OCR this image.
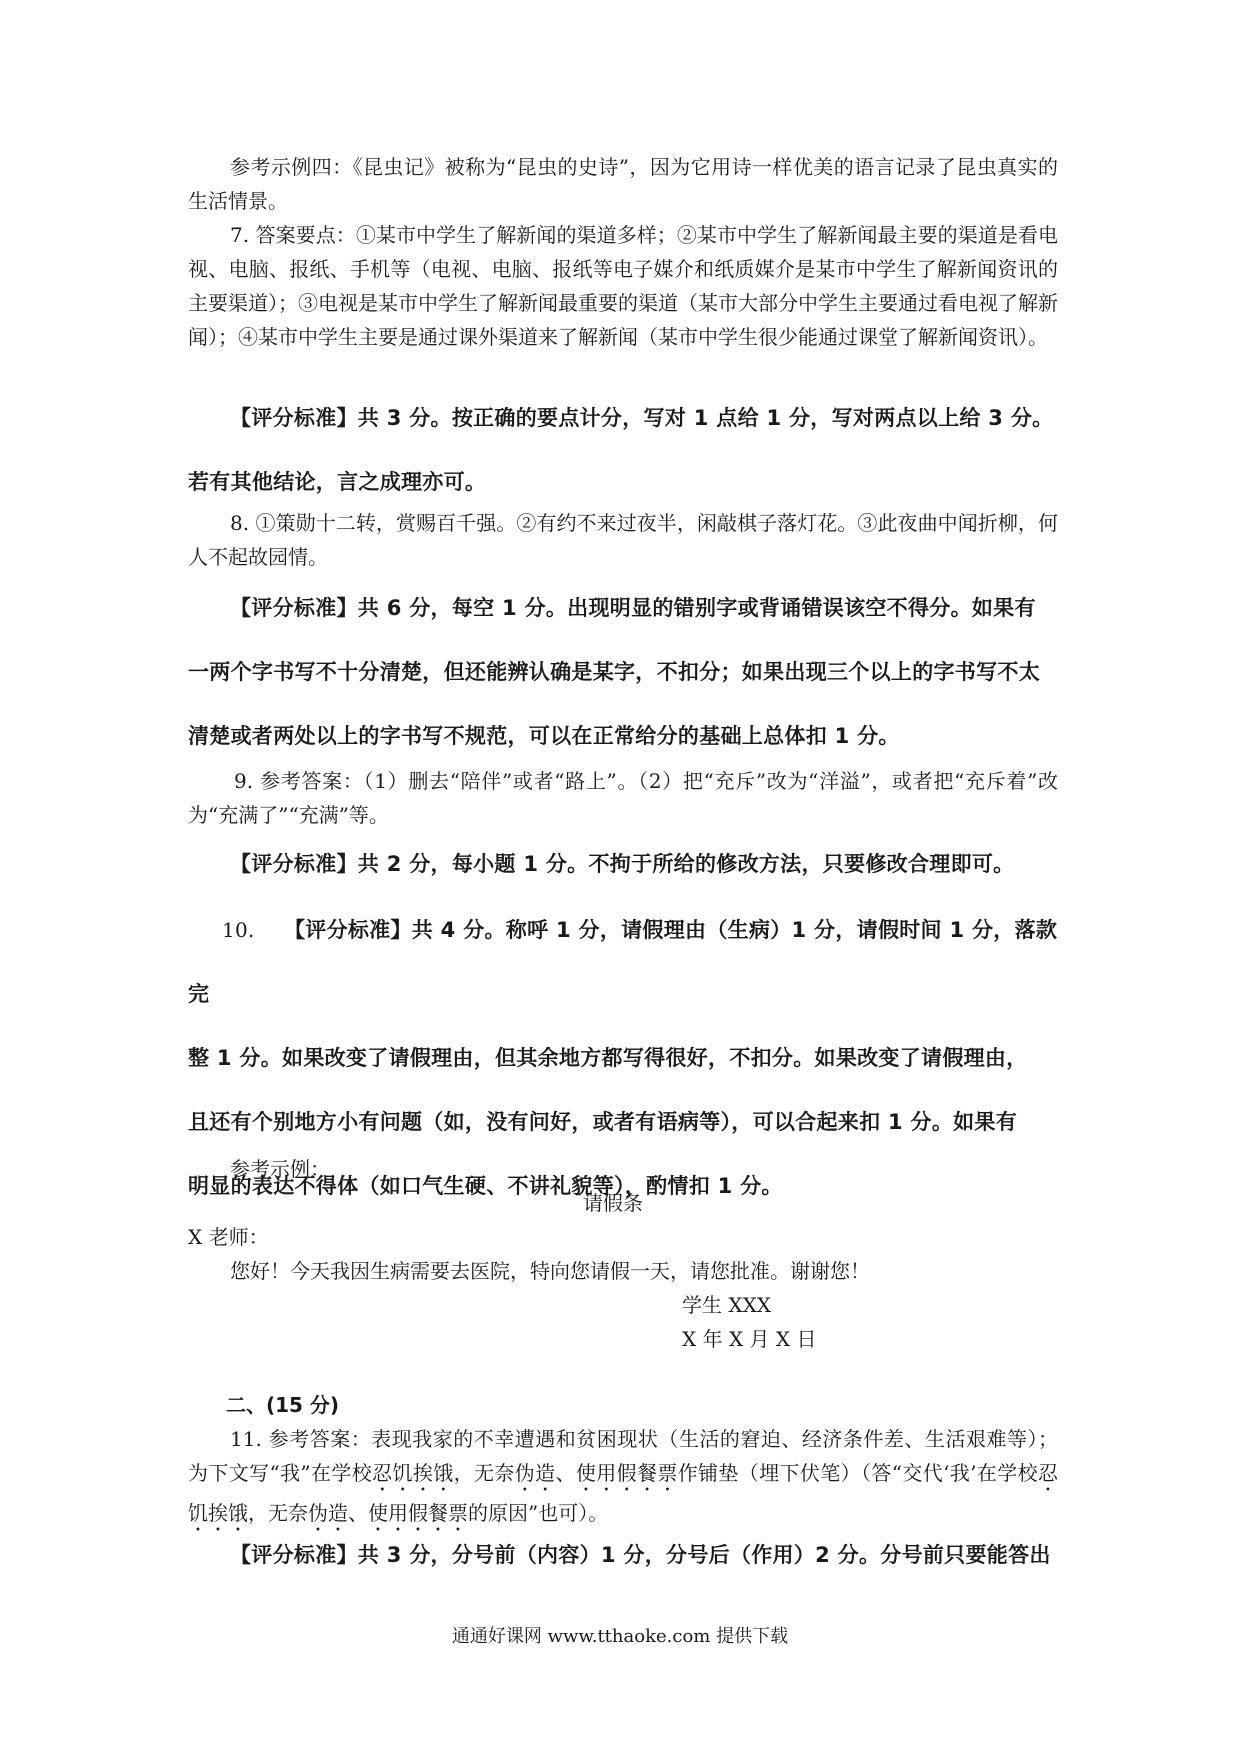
参考示例四：《昆虫记》被称为“昆虫的史诗”，因为它用诗一样优美的语言记录了昆虫真实的生活情景。

7. 答案要点：①某市中学生了解新闻的渠道多样；②某市中学生了解新闻最主要的渠道是看电视、电脑、报纸、手机等（电视、电脑、报纸等电子媒介和纸质媒介是某市中学生了解新闻资讯的主要渠道）；③电视是某市中学生了解新闻最重要的渠道（某市大部分中学生主要通过看电视了解新闻）；④某市中学生主要是通过课外渠道来了解新闻（某市中学生很少能通过课堂了解新闻资讯）。

【评分标准】共 3 分。按正确的要点计分，写对 1 点给 1 分，写对两点以上给 3 分。

若有其他结论，言之成理亦可。

8. ①策勋十二转，赏赐百千强。②有约不来过夜半，闲敲棋子落灯花。③此夜曲中闻折柳，何人不起故园情。

【评分标准】共 6 分，每空 1 分。出现明显的错别字或背诵错误该空不得分。如果有

一两个字书写不十分清楚，但还能辨认确是某字，不扣分；如果出现三个以上的字书写不太

清楚或者两处以上的字书写不规范，可以在正常给分的基础上总体扣 1 分。

9. 参考答案：（1）删去“陪伴”或者“路上”。（2）把“充斥”改为“洋溢”，或者把“充斥着”改为“充满了”“充满”等。

【评分标准】共 2 分，每小题 1 分。不拘于所给的修改方法，只要修改合理即可。

10. 【评分标准】共 4 分。称呼 1 分，请假理由（生病）1 分，请假时间 1 分，落款完

整 1 分。如果改变了请假理由，但其余地方都写得很好，不扣分。如果改变了请假理由，

且还有个别地方小有问题（如，没有问好，或者有语病等），可以合起来扣 1 分。如果有

明显的表达不得体（如口气生硬、不讲礼貌等），酌情扣 1 分。

参考示例：

请假条

X 老师：

您好！今天我因生病需要去医院，特向您请假一天，请您批准。谢谢您！

学生 XXX

X 年 X 月 X 日

二、(15 分)

11. 参考答案：表现我家的不幸遭遇和贫困现状（生活的窘迫、经济条件差、生活艰难等）；为下文写“我”在学校忍饥挨饿，无奈伪造、使用假餐票作铺垫（埋下伏笔）（答“交代‘我’在学校忍饥挨饿，无奈伪造、使用假餐票的原因”也可）。

【评分标准】共 3 分，分号前（内容）1 分，分号后（作用）2 分。分号前只要能答出

通通好课网 www.tthaoke.com 提供下载
